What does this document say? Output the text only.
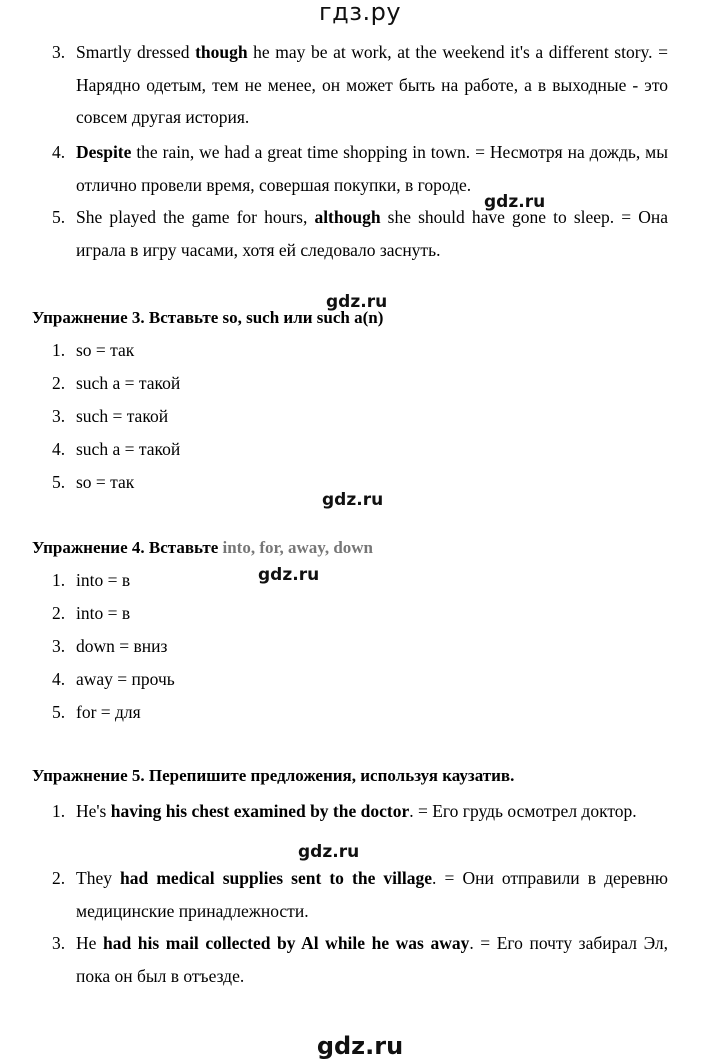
гдз.ру
3. Smartly dressed though he may be at work, at the weekend it's a different story. = Нарядно одетым, тем не менее, он может быть на работе, а в выходные - это совсем другая история.
4. Despite the rain, we had a great time shopping in town. = Несмотря на дождь, мы отлично провели время, совершая покупки, в городе.
gdz.ru
5. She played the game for hours, although she should have gone to sleep. = Она играла в игру часами, хотя ей следовало заснуть.
gdz.ru
Упражнение 3. Вставьте so, such или such a(n)
1. so = так
2. such a = такой
3. such = такой
4. such a = такой
5. so = так
gdz.ru
Упражнение 4. Вставьте into, for, away, down
gdz.ru
1. into = в
2. into = в
3. down = вниз
4. away = прочь
5. for = для
Упражнение 5. Перепишите предложения, используя каузатив.
1. He's having his chest examined by the doctor. = Его грудь осмотрел доктор.
gdz.ru
2. They had medical supplies sent to the village. = Они отправили в деревню медицинские принадлежности.
3. He had his mail collected by Al while he was away. = Его почту забирал Эл, пока он был в отъезде.
gdz.ru
